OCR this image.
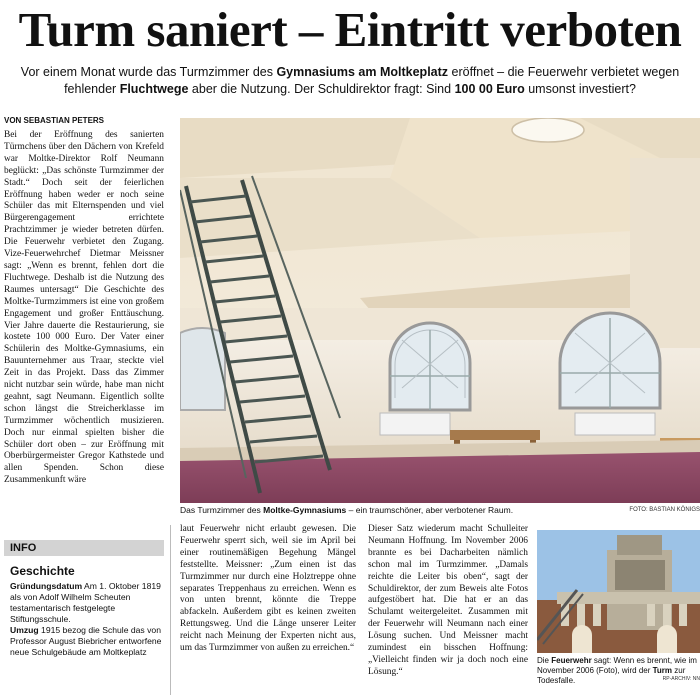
Turm saniert – Eintritt verboten
Vor einem Monat wurde das Turmzimmer des Gymnasiums am Moltkeplatz eröffnet – die Feuerwehr verbietet wegen fehlender Fluchtwege aber die Nutzung. Der Schuldirektor fragt: Sind 100 00 Euro umsonst investiert?
VON SEBASTIAN PETERS
Bei der Eröffnung des sanierten Türmchens über den Dächern von Krefeld war Moltke-Direktor Rolf Neumann beglückt: „Das schönste Turmzimmer der Stadt.“ Doch seit der feierlichen Eröffnung haben weder er noch seine Schüler das mit Elternspenden und viel Bürgerengagement errichtete Prachtzimmer je wieder betreten dürfen. Die Feuerwehr verbietet den Zugang. Vize-Feuerwehrchef Dietmar Meissner sagt: „Wenn es brennt, fehlen dort die Fluchtwege. Deshalb ist die Nutzung des Raumes untersagt“ Die Geschichte des Moltke-Turmzimmers ist eine von großem Engagement und großer Enttäuschung. Vier Jahre dauerte die Restaurierung, sie kostete 100 000 Euro. Der Vater einer Schülerin des Moltke-Gymnasiums, ein Bauunternehmer aus Traar, steckte viel Zeit in das Projekt. Dass das Zimmer nicht nutzbar sein würde, habe man nicht geahnt, sagt Neumann. Eigentlich sollte schon längst die Streicherklasse im Turmzimmer wöchentlich musizieren. Doch nur einmal spielten bisher die Schüler dort oben – zur Eröffnung mit Oberbürgermeister Gregor Kathstede und allen Spenden. Schon diese Zusammenkunft wäre
Das Turmzimmer des Moltke-Gymnasiums – ein traumschöner, aber verbotener Raum.	FOTO: BASTIAN KÖNIGS
INFO
Geschichte
Gründungsdatum Am 1. Oktober 1819 als von Adolf Wilhelm Scheuten testamentarisch festgelegte Stiftungsschule.
Umzug 1915 bezog die Schule das von Professor August Biebricher entworfene neue Schulgebäude am Moltkeplatz
laut Feuerwehr nicht erlaubt gewesen. Die Feuerwehr sperrt sich, weil sie im April bei einer routinemäßigen Begehung Mängel feststellte. Meissner: „Zum einen ist das Turmzimmer nur durch eine Holztreppe ohne separates Treppenhaus zu erreichen. Wenn es von unten brennt, könnte die Treppe abfackeln. Außerdem gibt es keinen zweiten Rettungsweg. Und die Länge unserer Leiter reicht nach Meinung der Experten nicht aus, um das Turmzimmer von außen zu erreichen.“
Dieser Satz wiederum macht Schulleiter Neumann Hoffnung. Im November 2006 brannte es bei Dacharbeiten nämlich schon mal im Turmzimmer. „Damals reichte die Leiter bis oben“, sagt der Schuldirektor, der zum Beweis alte Fotos aufgestöbert hat. Die hat er an das Schulamt weitergeleitet. Zusammen mit der Feuerwehr will Neumann nach einer Lösung suchen. Und Meissner macht zumindest ein bisschen Hoffnung: „Vielleicht finden wir ja doch noch eine Lösung.“
Die Feuerwehr sagt: Wenn es brennt, wie im November 2006 (Foto), wird der Turm zur Todesfalle.	RP-ARCHIV: NN
